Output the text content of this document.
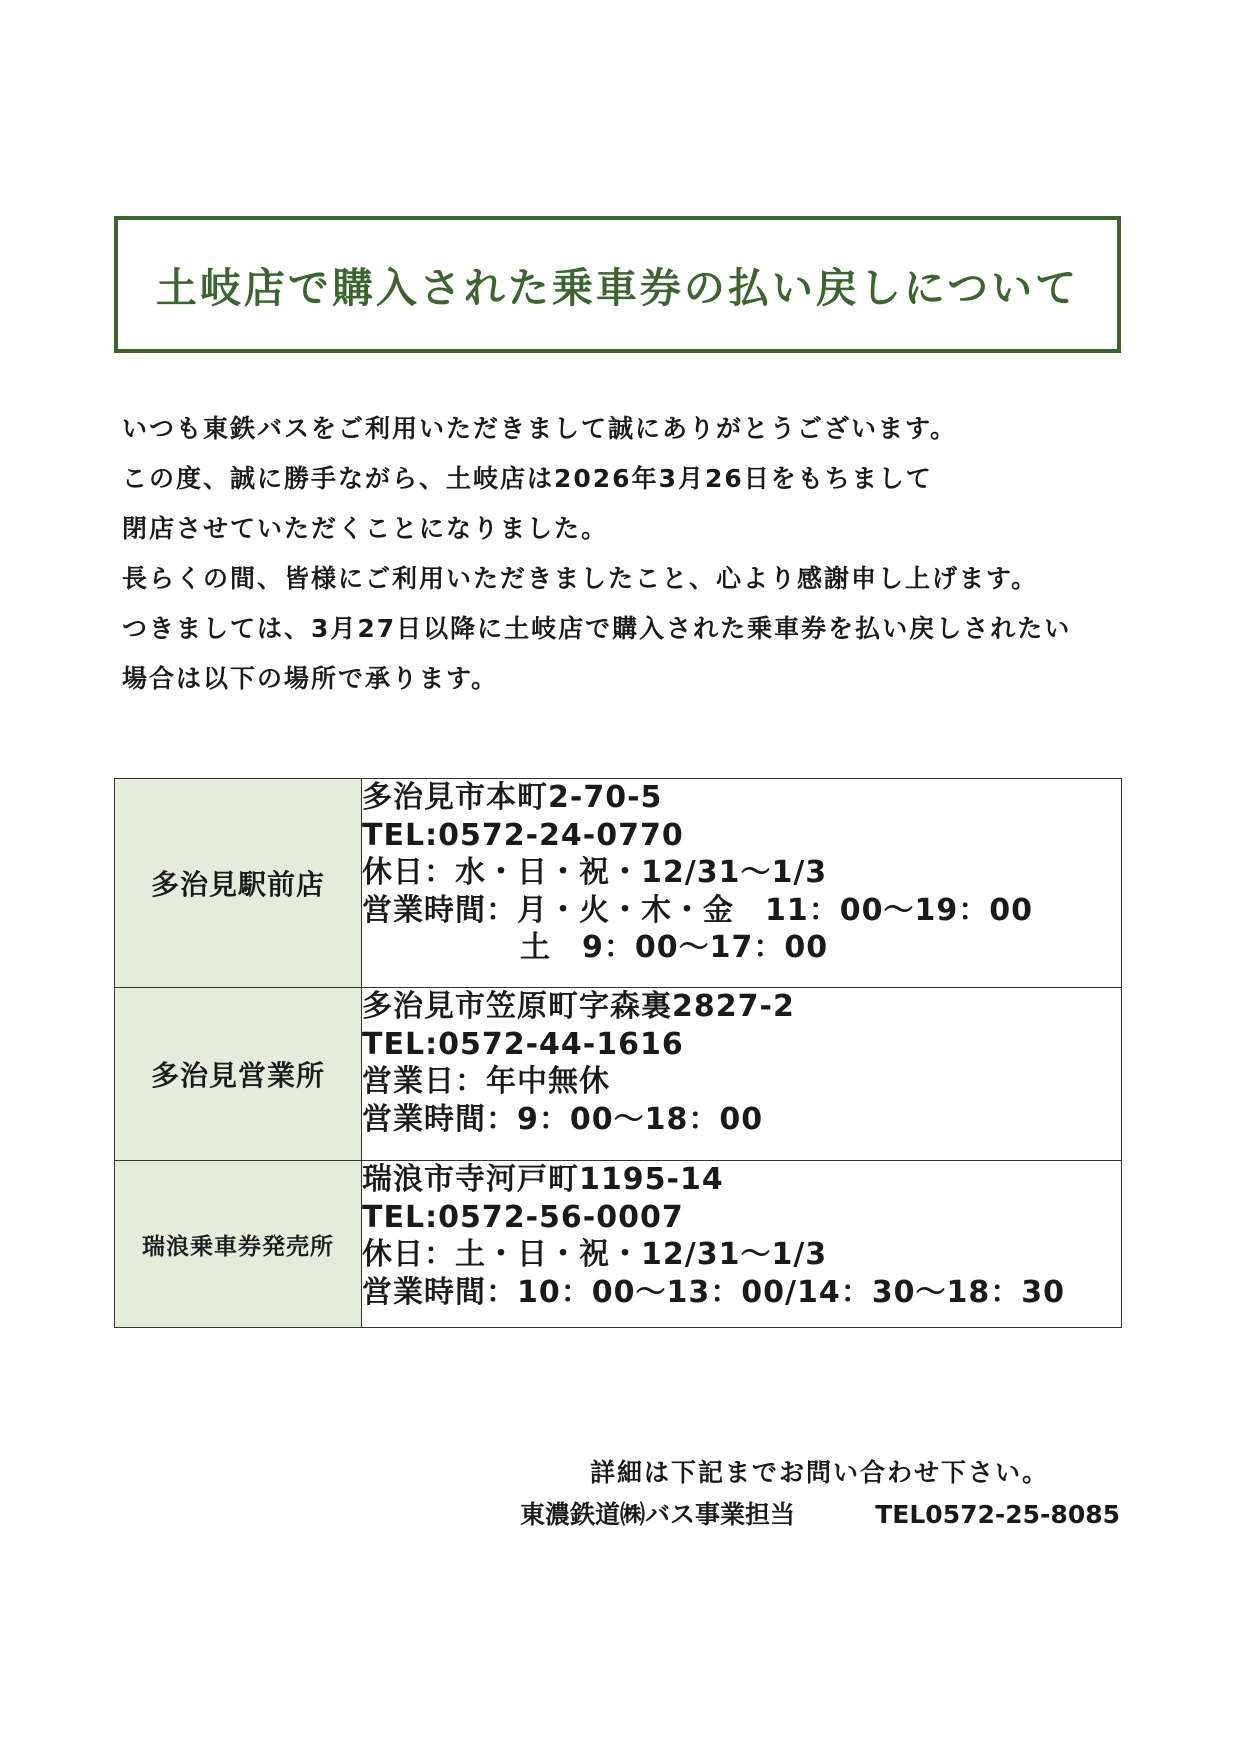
土岐店で購入された乗車券の払い戻しについて
いつも東鉄バスをご利用いただきまして誠にありがとうございます。
この度、誠に勝手ながら、土岐店は2026年3月26日をもちまして
閉店させていただくことになりました。
長らくの間、皆様にご利用いただきましたこと、心より感謝申し上げます。
つきましては、3月27日以降に土岐店で購入された乗車券を払い戻しされたい
場合は以下の場所で承ります。
多治見駅前店	多治見市本町2-70-5
TEL:0572-24-0770
休日：水・日・祝・12/31～1/3
営業時間：月・火・木・金　11：00～19：00
土　9：00～17：00

多治見営業所	多治見市笠原町字森裏2827-2
TEL:0572-44-1616
営業日：年中無休
営業時間：9：00～18：00

瑞浪乗車券発売所	瑞浪市寺河戸町1195-14
TEL:0572-56-0007
休日：土・日・祝・12/31～1/3
営業時間：10：00～13：00/14：30～18：30
詳細は下記までお問い合わせ下さい。
東濃鉄道㈱バス事業担当	TEL0572-25-8085
